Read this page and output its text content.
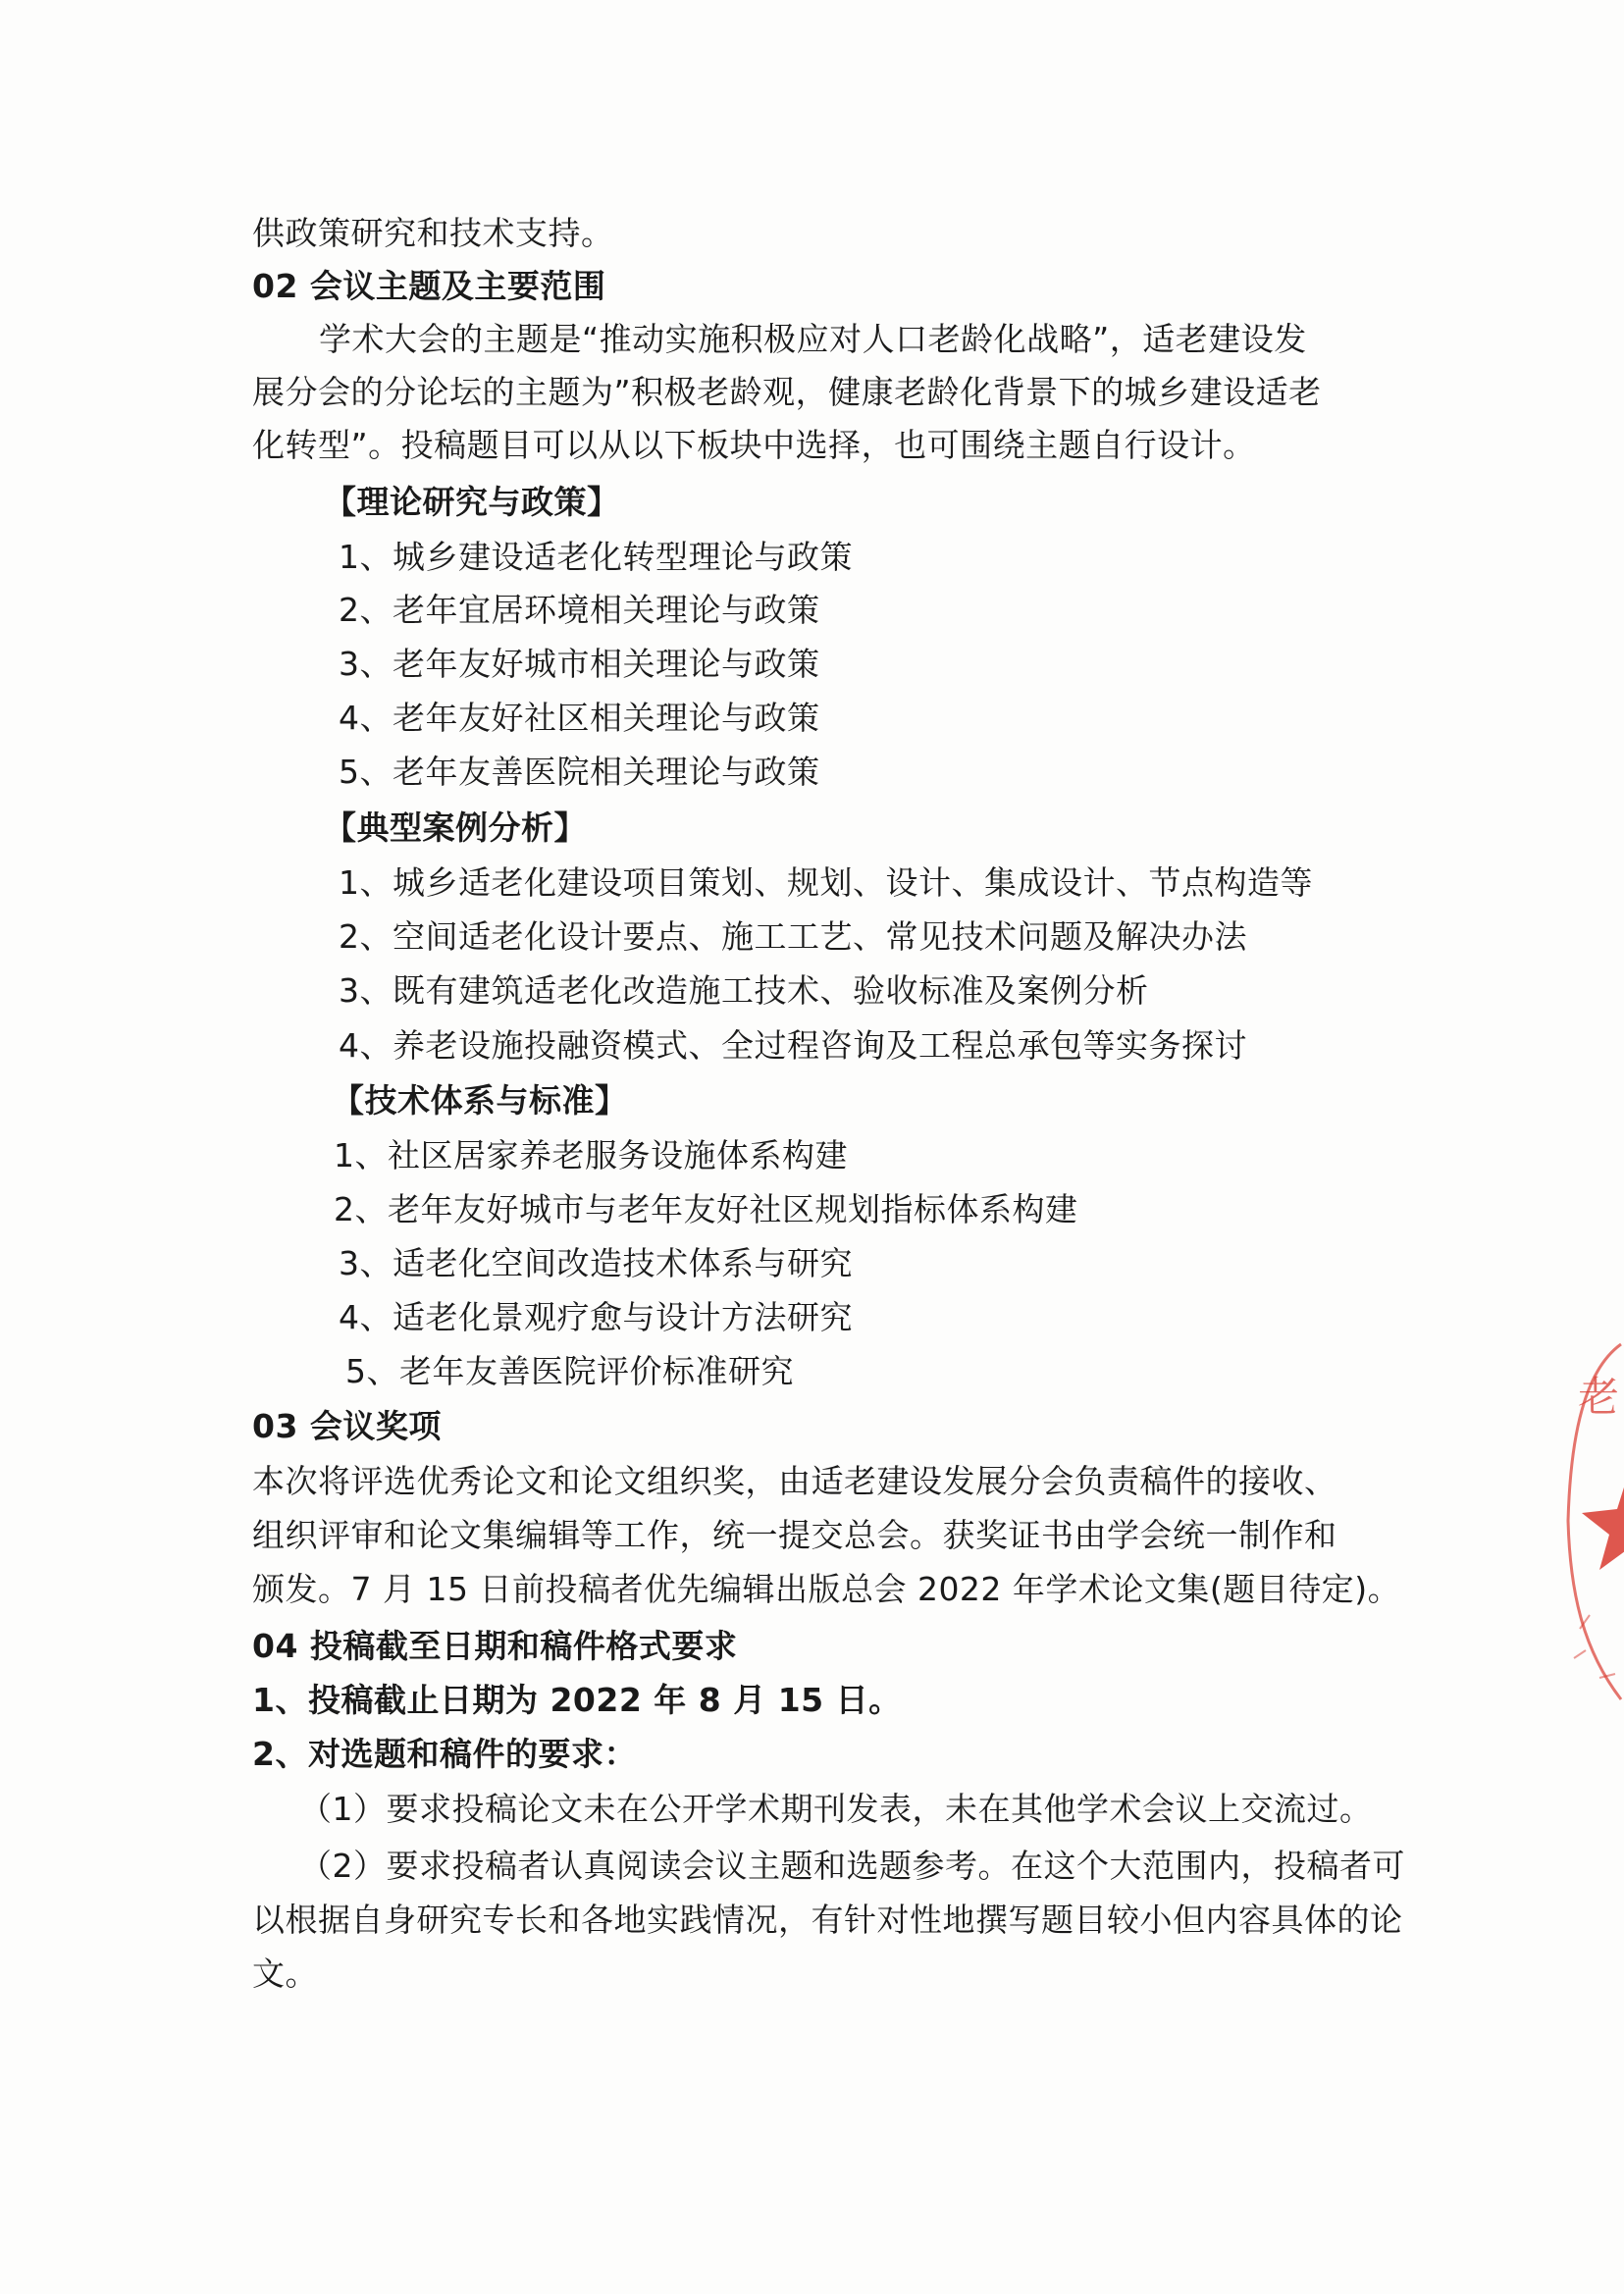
供政策研究和技术支持。
02 会议主题及主要范围
学术大会的主题是“推动实施积极应对人口老龄化战略”，适老建设发
展分会的分论坛的主题为”积极老龄观，健康老龄化背景下的城乡建设适老
化转型”。投稿题目可以从以下板块中选择，也可围绕主题自行设计。
【理论研究与政策】
1、城乡建设适老化转型理论与政策
2、老年宜居环境相关理论与政策
3、老年友好城市相关理论与政策
4、老年友好社区相关理论与政策
5、老年友善医院相关理论与政策
【典型案例分析】
1、城乡适老化建设项目策划、规划、设计、集成设计、节点构造等
2、空间适老化设计要点、施工工艺、常见技术问题及解决办法
3、既有建筑适老化改造施工技术、验收标准及案例分析
4、养老设施投融资模式、全过程咨询及工程总承包等实务探讨
【技术体系与标准】
1、社区居家养老服务设施体系构建
2、老年友好城市与老年友好社区规划指标体系构建
3、适老化空间改造技术体系与研究
4、适老化景观疗愈与设计方法研究
5、老年友善医院评价标准研究
03 会议奖项
本次将评选优秀论文和论文组织奖，由适老建设发展分会负责稿件的接收、
组织评审和论文集编辑等工作，统一提交总会。获奖证书由学会统一制作和
颁发。7 月 15 日前投稿者优先编辑出版总会 2022 年学术论文集(题目待定)。
04 投稿截至日期和稿件格式要求
1、投稿截止日期为 2022 年 8 月 15 日。
2、对选题和稿件的要求：
（1）要求投稿论文未在公开学术期刊发表，未在其他学术会议上交流过。
（2）要求投稿者认真阅读会议主题和选题参考。在这个大范围内，投稿者可
以根据自身研究专长和各地实践情况，有针对性地撰写题目较小但内容具体的论
文。
老
